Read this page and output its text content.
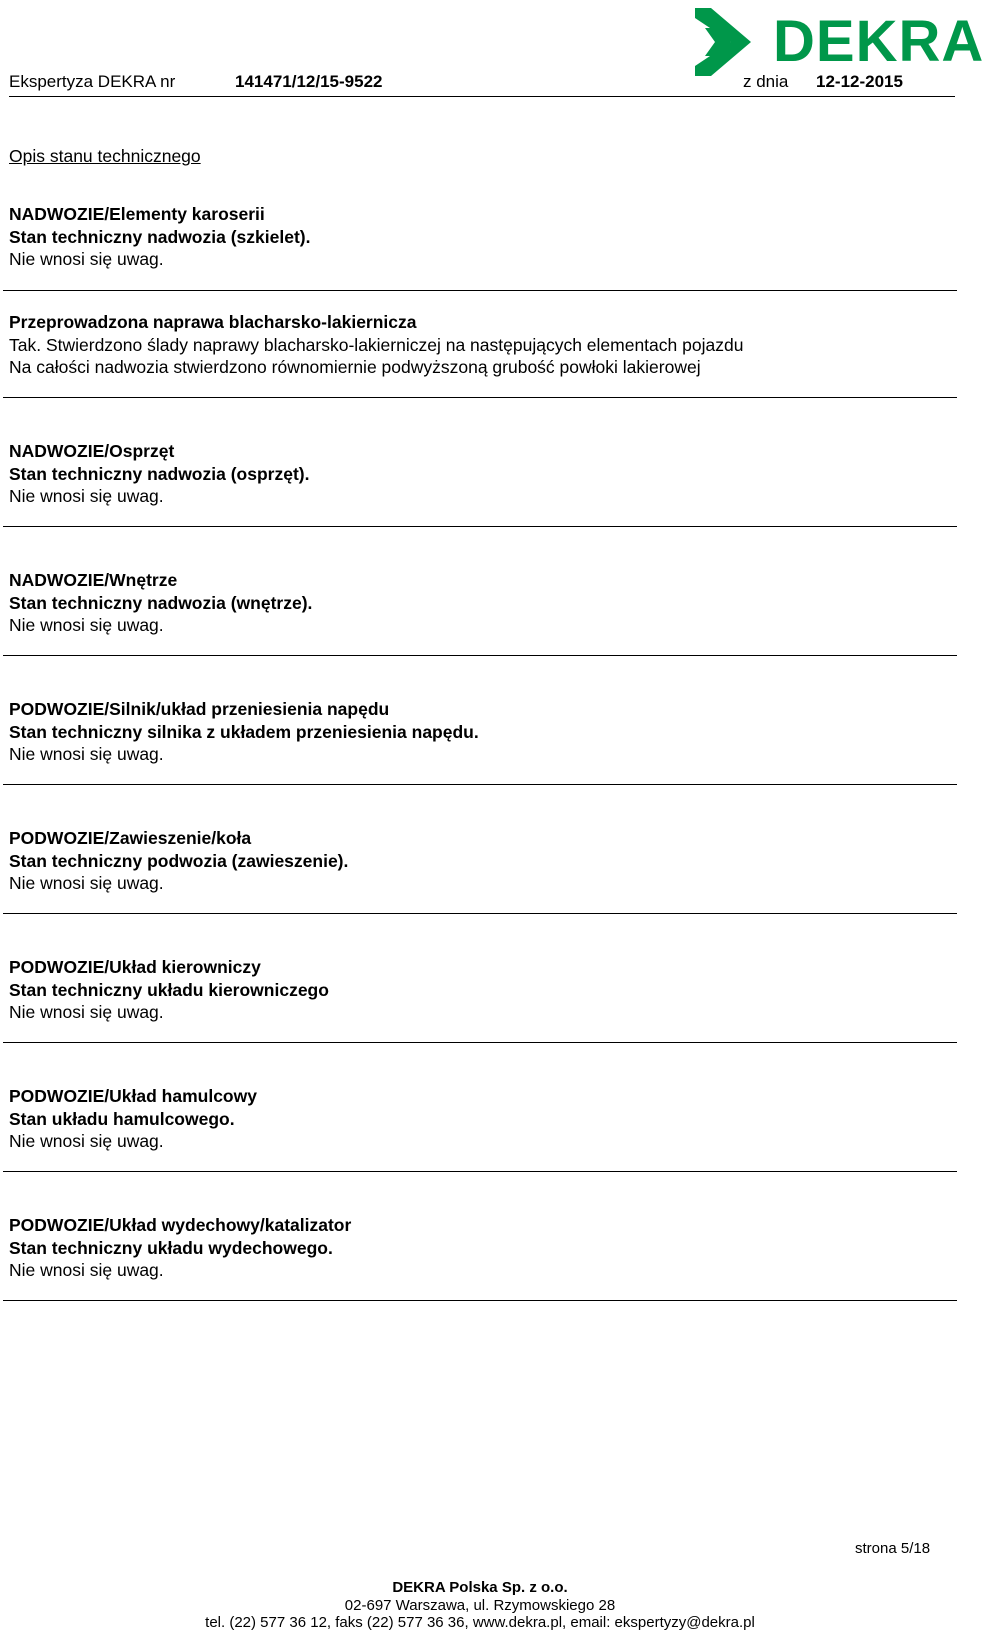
Ekspertyza DEKRA nr	141471/12/15-9522	z dnia 12-12-2015
DEKRA
Opis stanu technicznego
NADWOZIE/Elementy karoserii
Stan techniczny nadwozia (szkielet).
Nie wnosi się uwag.
Przeprowadzona naprawa blacharsko-lakiernicza
Tak. Stwierdzono ślady naprawy blacharsko-lakierniczej na następujących elementach pojazdu
Na całości nadwozia stwierdzono równomiernie podwyższoną grubość powłoki lakierowej
NADWOZIE/Osprzęt
Stan techniczny nadwozia (osprzęt).
Nie wnosi się uwag.
NADWOZIE/Wnętrze
Stan techniczny nadwozia (wnętrze).
Nie wnosi się uwag.
PODWOZIE/Silnik/układ przeniesienia napędu
Stan techniczny silnika z układem przeniesienia napędu.
Nie wnosi się uwag.
PODWOZIE/Zawieszenie/koła
Stan techniczny podwozia (zawieszenie).
Nie wnosi się uwag.
PODWOZIE/Układ kierowniczy
Stan techniczny układu kierowniczego
Nie wnosi się uwag.
PODWOZIE/Układ hamulcowy
Stan układu hamulcowego.
Nie wnosi się uwag.
PODWOZIE/Układ wydechowy/katalizator
Stan techniczny układu wydechowego.
Nie wnosi się uwag.
strona 5/18
DEKRA Polska Sp. z o.o.
02-697 Warszawa, ul. Rzymowskiego 28
tel. (22) 577 36 12, faks (22) 577 36 36, www.dekra.pl, email: ekspertyzy@dekra.pl
